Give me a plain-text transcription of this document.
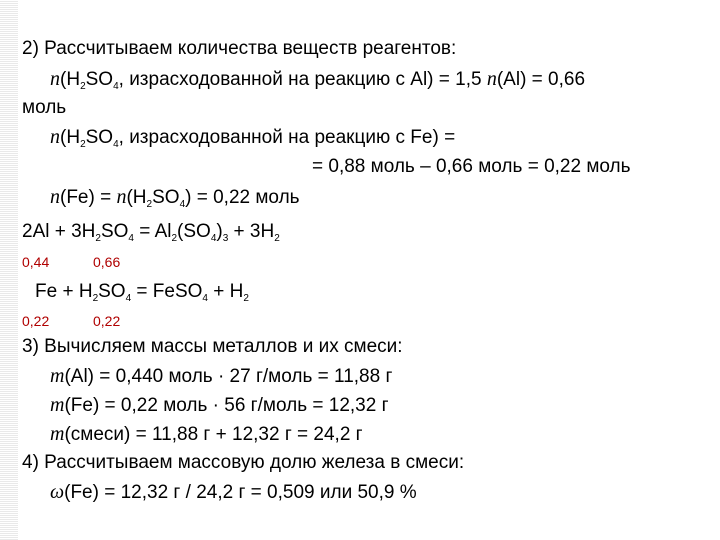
2) Рассчитываем количества веществ реагентов:
$n(H_2SO_4$, израсходованной на реакцию с Al) = 1,5 n(Al) = 0,66
моль
$n(H_2SO_4$, израсходованной на реакцию с Fe) =
= 0,88 моль – 0,66 моль = 0,22 моль
$n(Fe) = n(H_2SO_4) = 0,22$ моль
$2Al + 3H_2SO_4 = Al_2(SO_4)_3 + 3H_2$
0,44	0,66
$Fe + H_2SO_4$ = FeSO$_4$ + $H_2$
0,22	0,22
3) Вычисляем массы металлов и их смеси:
m(Al) = 0,440 моль · 27 г/моль = 11,88 г
m(Fe) = 0,22 моль · 56 г/моль = 12,32 г
m(смеси) = 11,88 г + 12,32 г = 24,2 г
4) Рассчитываем массовую долю железа в смеси:
ω(Fe) = 12,32 г / 24,2 г = 0,509 или 50,9 %
